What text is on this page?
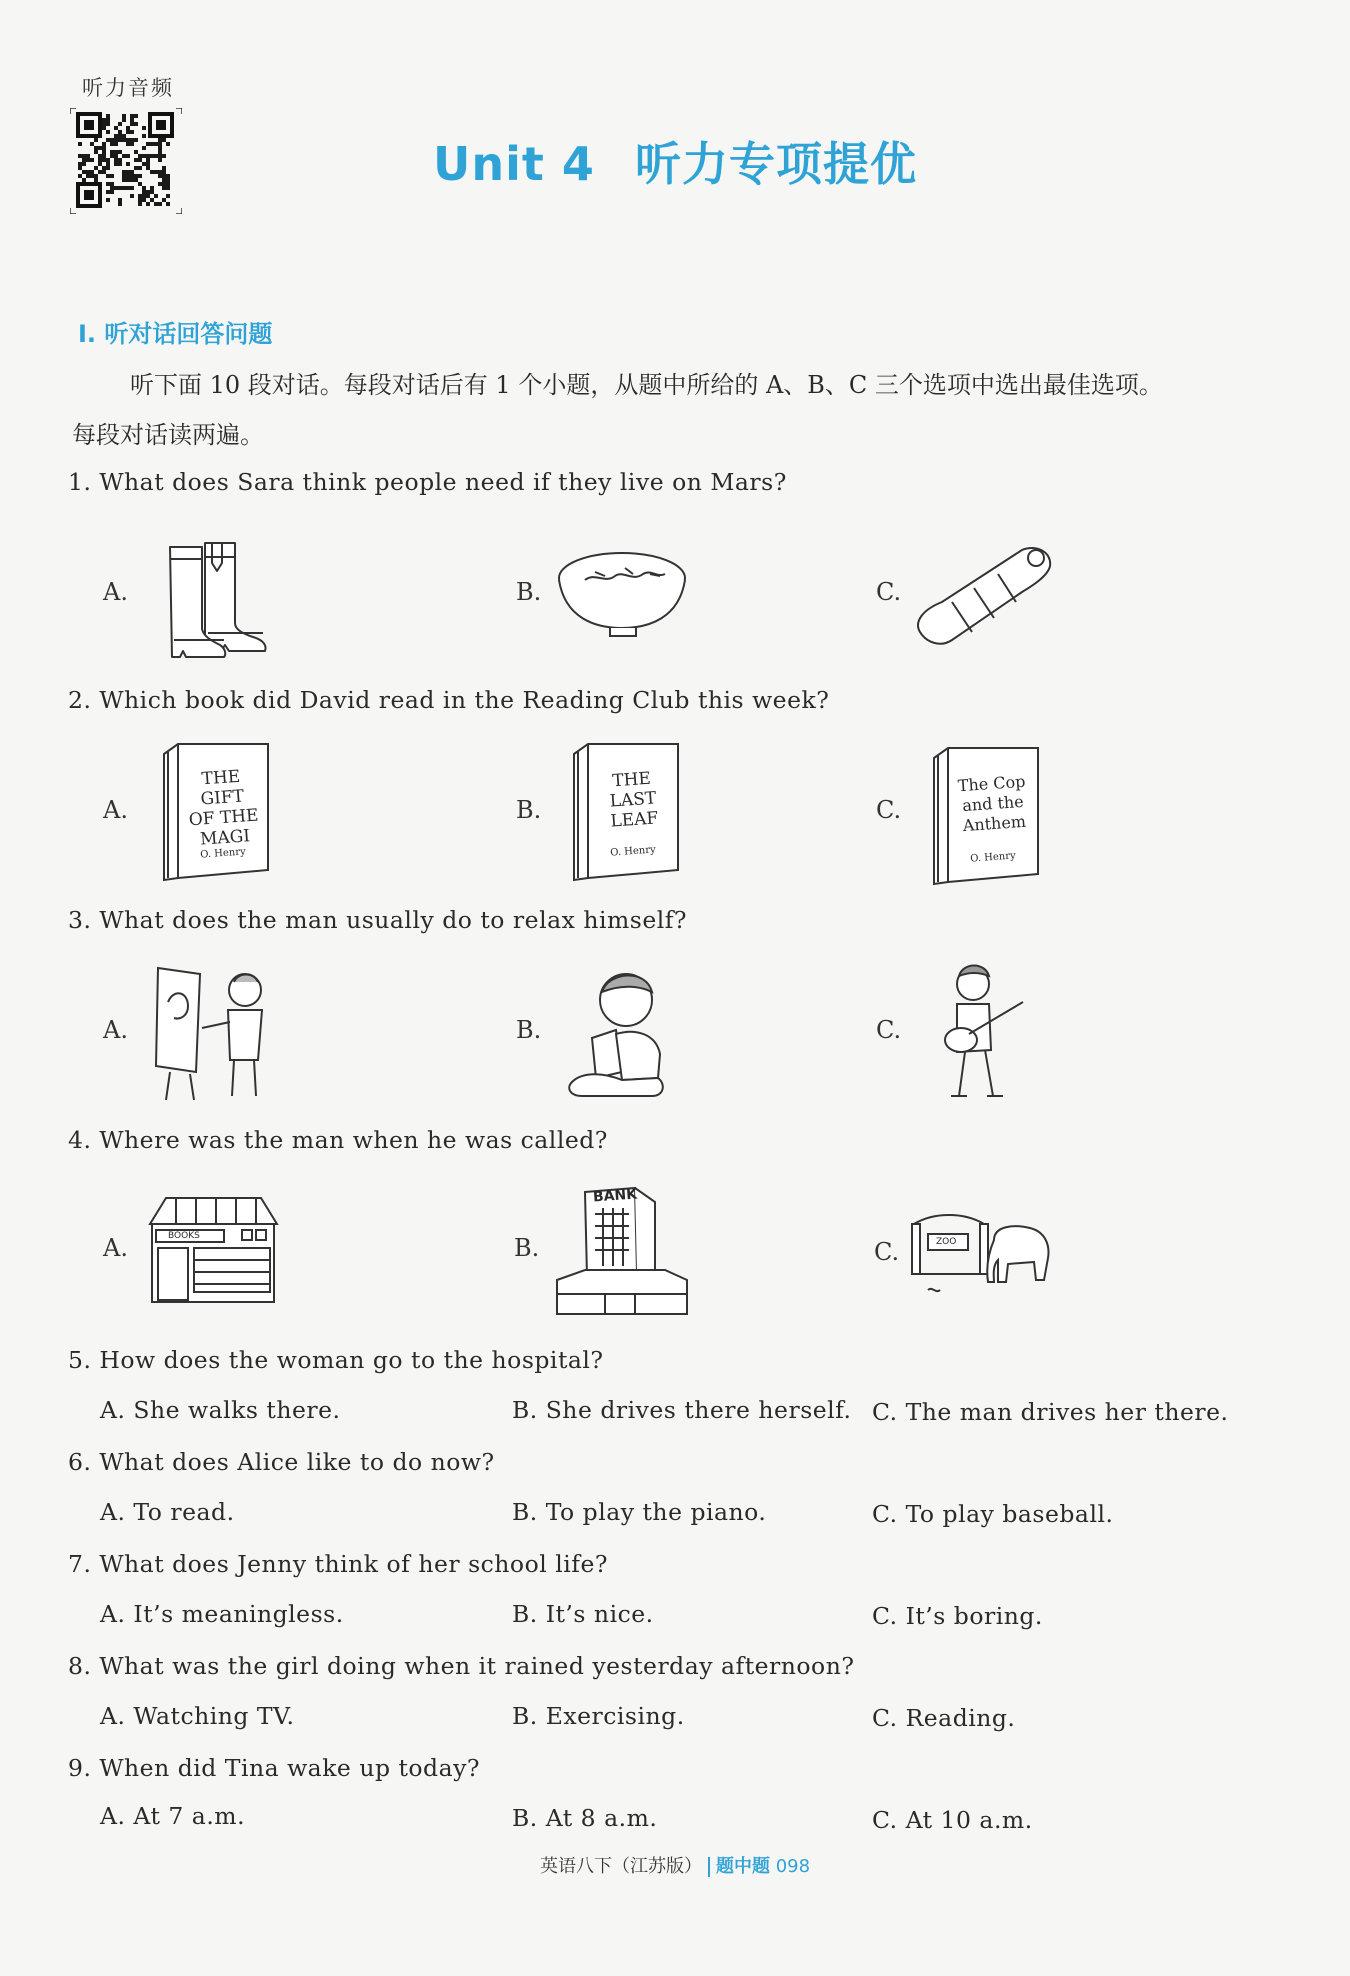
听力音频
Unit 4 听力专项提优
Ⅰ. 听对话回答问题
听下面 10 段对话。每段对话后有 1 个小题，从题中所给的 A、B、C 三个选项中选出最佳选项。
每段对话读两遍。
1. What does Sara think people need if they live on Mars?
A.	B.	C.
2. Which book did David read in the Reading Club this week?
A.
THE GIFT
OF THE
MAGI
O. Henry
B.
THE LAST
LEAF
O. Henry
C.
The Cop
and the
Anthem
O. Henry
3. What does the man usually do to relax himself?
A.	B.	C.
4. Where was the man when he was called?
A.	BOOKS	B.
BANK
C.	ZOO
5. How does the woman go to the hospital?
A. She walks there.	B. She drives there herself. C. The man drives her there.
6. What does Alice like to do now?
A. To read.	B. To play the piano.	C. To play baseball.
7. What does Jenny think of her school life?
A. It’s meaningless.	B. It’s nice.	C. It’s boring.
8. What was the girl doing when it rained yesterday afternoon?
A. Watching TV.	B. Exercising.	C. Reading.
9. When did Tina wake up today?
A. At 7 a.m.	B. At 8 a.m.	C. At 10 a.m.
英语八下（江苏版） 题中题 098
